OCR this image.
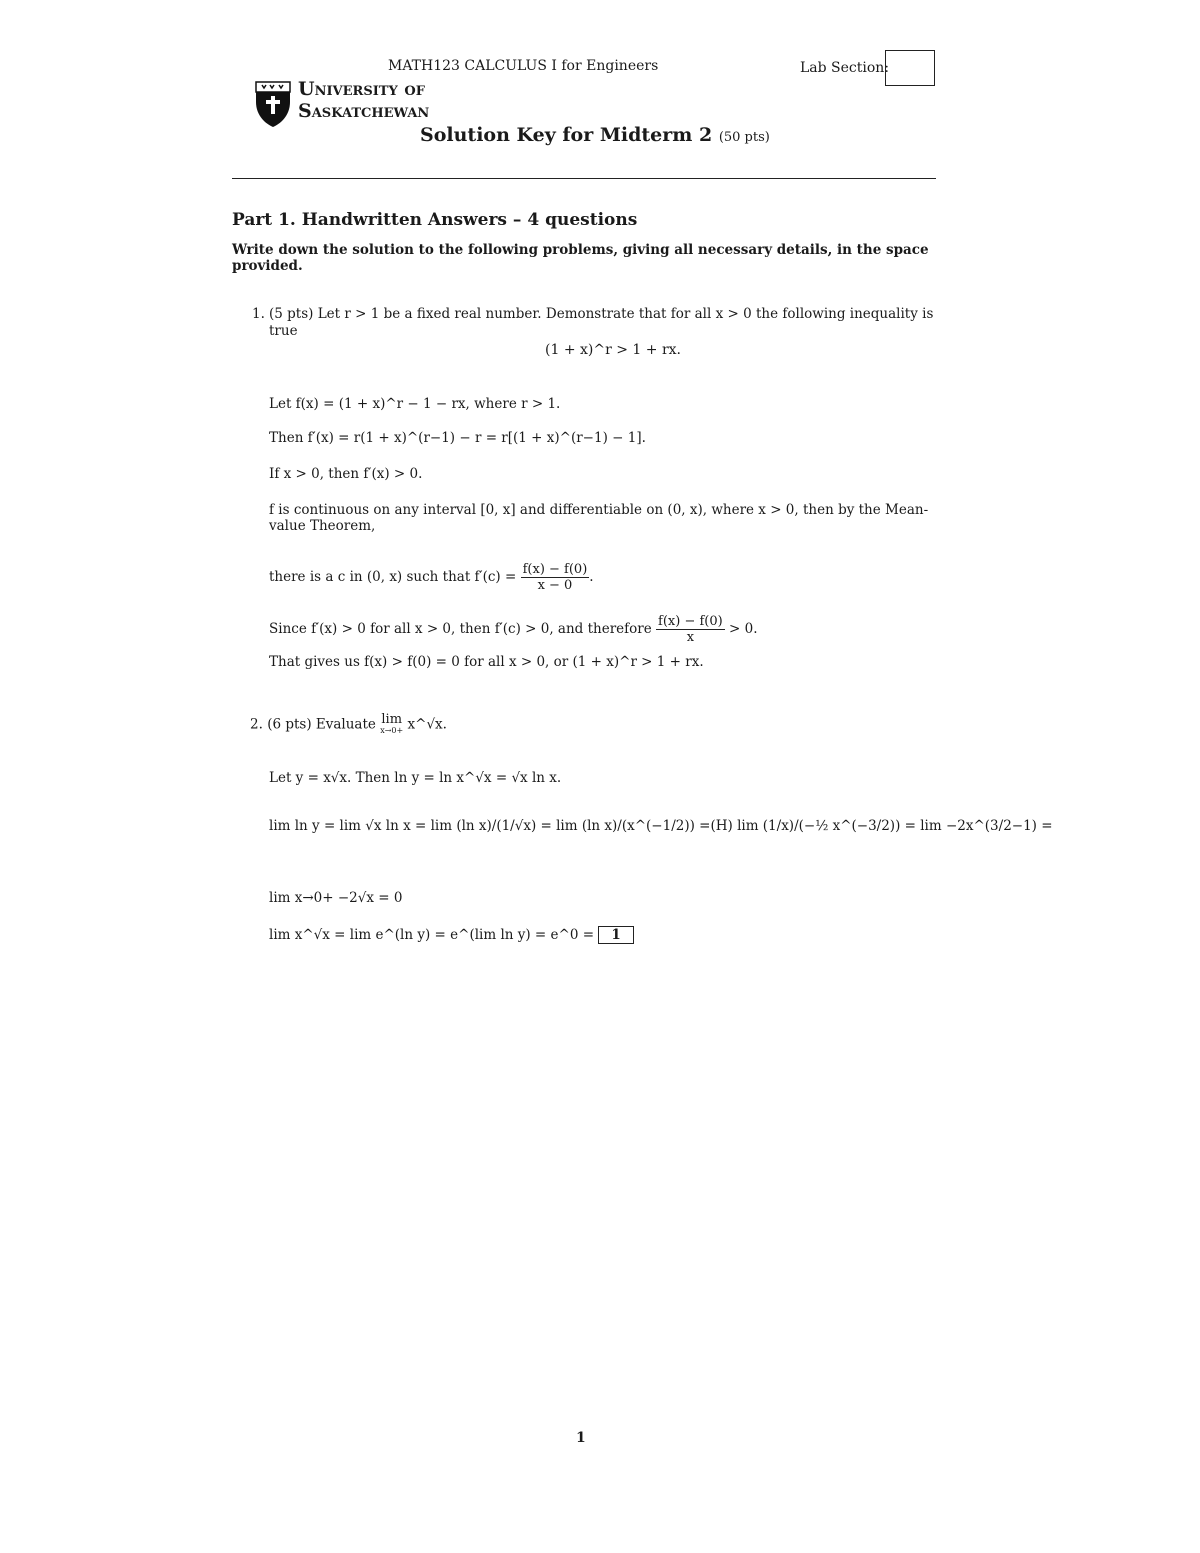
MATH123 CALCULUS I for Engineers	Lab Section:
University of
Saskatchewan
Solution Key for Midterm 2 (50 pts)
Part 1. Handwritten Answers – 4 questions
Write down the solution to the following problems, giving all necessary details, in the space provided.
1. (5 pts) Let r > 1 be a fixed real number. Demonstrate that for all x > 0 the following inequality is true
(1 + x)^r > 1 + rx.
Let f(x) = (1 + x)^r − 1 − rx, where r > 1.
Then f′(x) = r(1 + x)^(r−1) − r = r[(1 + x)^(r−1) − 1].
If x > 0, then f′(x) > 0.
f is continuous on any interval [0, x] and differentiable on (0, x), where x > 0, then by the Mean-value Theorem,
there is a c in (0, x) such that $f'(c) = \frac{f(x) - f(0)}{x - 0}$ .
Since f′(x) > 0 for all x > 0, then f′(c) > 0, and therefore $\frac{f(x) - f(0)}{x} > 0$.
That gives us f(x) > f(0) = 0 for all x > 0, or (1 + x)^r > 1 + rx.
2. (6 pts) Evaluate lim
x→0+ x^√x.
Let y = x√x. Then ln y = ln x^√x = √x ln x.
lim ln y = lim √x ln x = lim (ln x)/(1/√x) = lim (ln x)/(x^(−1/2)) =(H) lim (1/x)/(−½ x^(−3/2)) = lim −2x^(3/2−1) =
lim x→0+ −2√x = 0
lim x^√x = lim e^(ln y) = e^(lim ln y) = e^0 = 1
1
